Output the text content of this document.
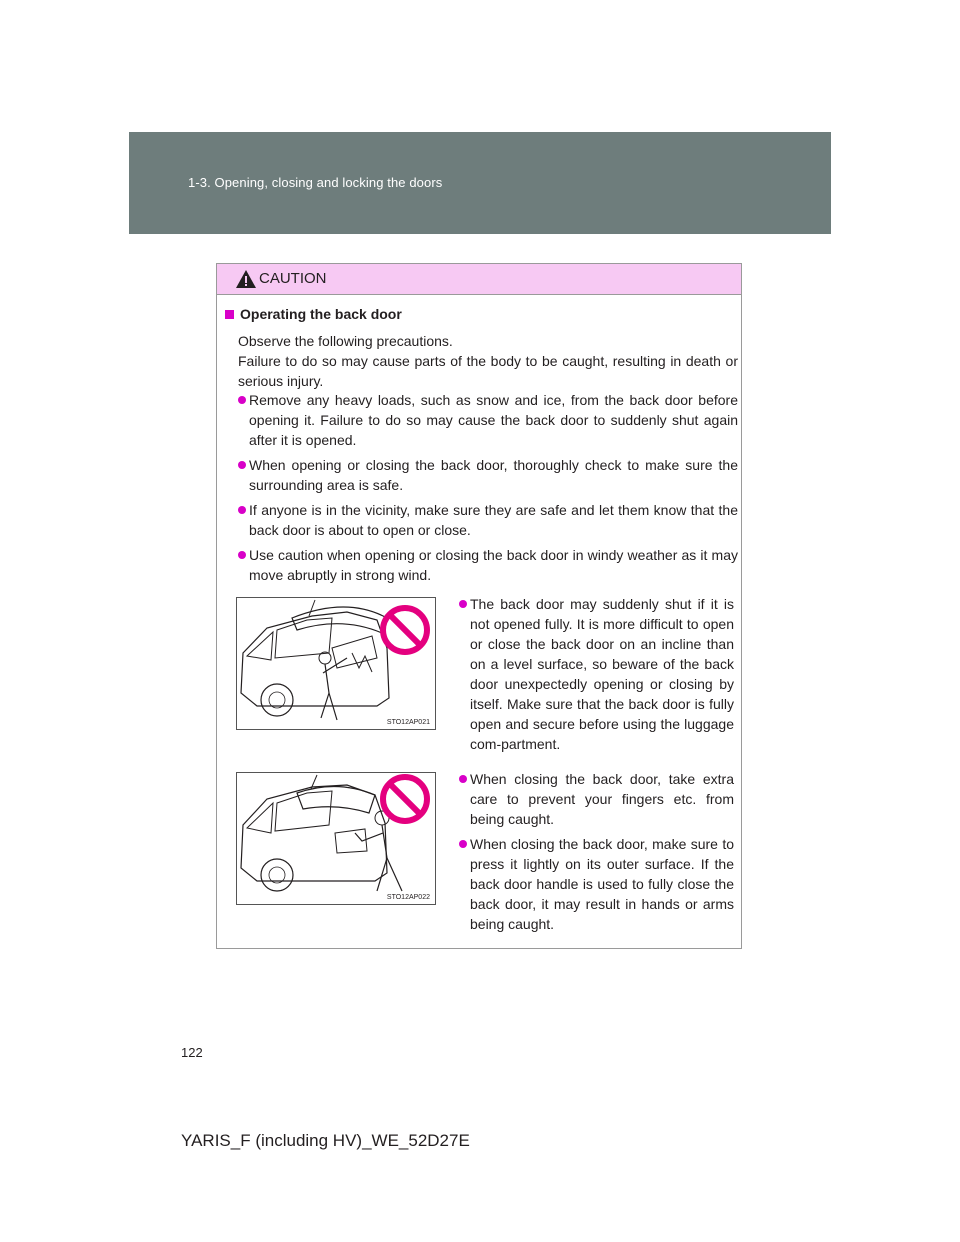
1-3. Opening, closing and locking the doors
CAUTION
Operating the back door

Observe the following precautions.

Failure to do so may cause parts of the body to be caught, resulting in death or serious injury.

Remove any heavy loads, such as snow and ice, from the back door before opening it. Failure to do so may cause the back door to suddenly shut again after it is opened.
When opening or closing the back door, thoroughly check to make sure the surrounding area is safe.
If anyone is in the vicinity, make sure they are safe and let them know that the back door is about to open or close.
Use caution when opening or closing the back door in windy weather as it may move abruptly in strong wind.
STO12AP021
The back door may suddenly shut if it is not opened fully. It is more difficult to open or close the back door on an incline than on a level surface, so beware of the back door unexpectedly opening or closing by itself. Make sure that the back door is fully open and secure before using the luggage com-partment.
STO12AP022
When closing the back door, take extra care to prevent your fingers etc. from being caught.
When closing the back door, make sure to press it lightly on its outer surface. If the back door handle is used to fully close the back door, it may result in hands or arms being caught.
122
YARIS_F (including HV)_WE_52D27E
